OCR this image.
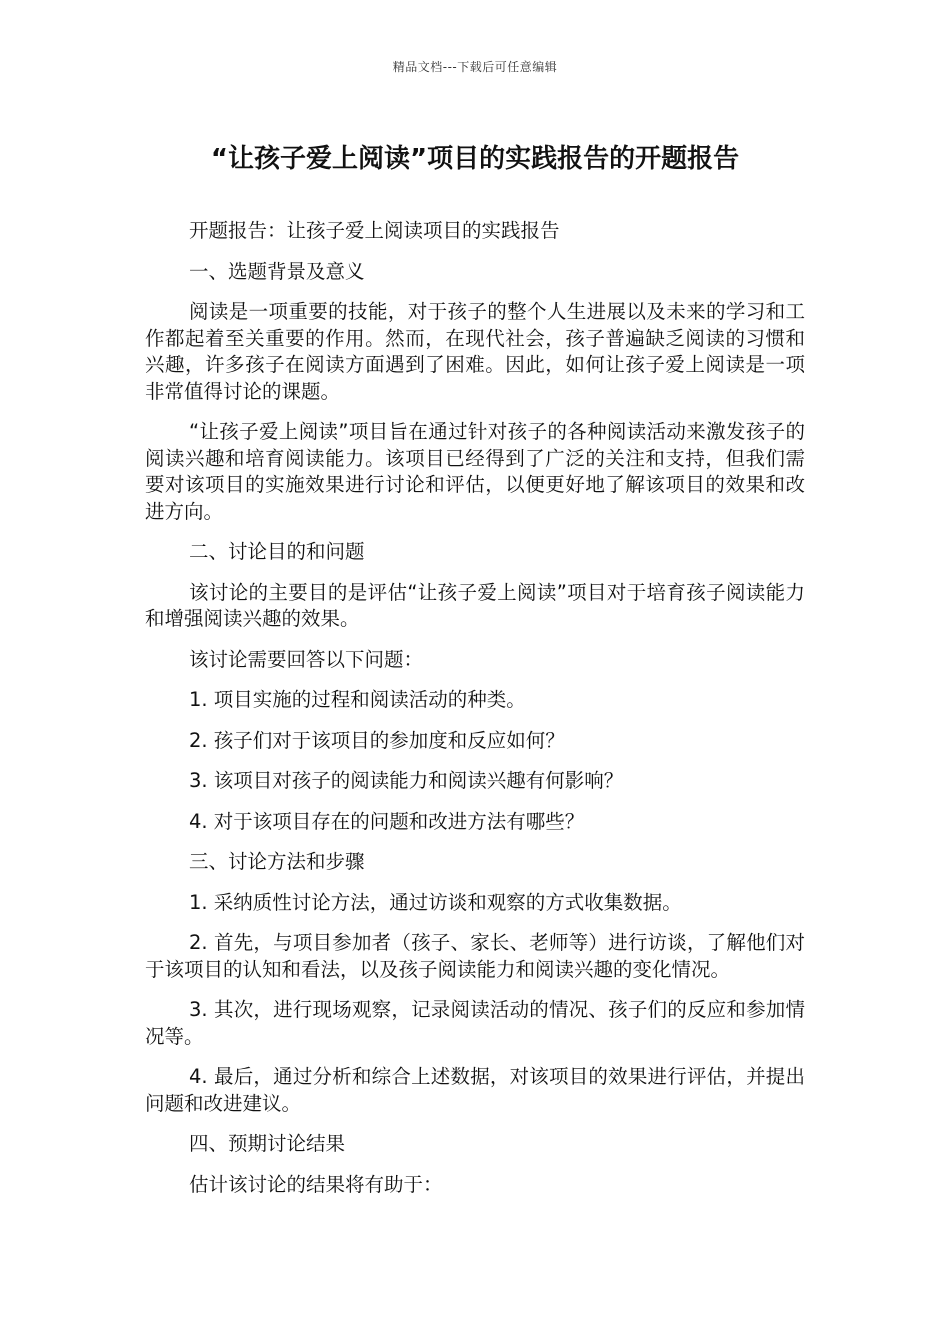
精品文档---下载后可任意编辑
“让孩子爱上阅读”项目的实践报告的开题报告

开题报告：让孩子爱上阅读项目的实践报告

一、选题背景及意义

阅读是一项重要的技能，对于孩子的整个人生进展以及未来的学习和工作都起着至关重要的作用。然而，在现代社会，孩子普遍缺乏阅读的习惯和兴趣，许多孩子在阅读方面遇到了困难。因此，如何让孩子爱上阅读是一项非常值得讨论的课题。

“让孩子爱上阅读”项目旨在通过针对孩子的各种阅读活动来激发孩子的阅读兴趣和培育阅读能力。该项目已经得到了广泛的关注和支持，但我们需要对该项目的实施效果进行讨论和评估，以便更好地了解该项目的效果和改进方向。

二、讨论目的和问题

该讨论的主要目的是评估“让孩子爱上阅读”项目对于培育孩子阅读能力和增强阅读兴趣的效果。

该讨论需要回答以下问题：

1. 项目实施的过程和阅读活动的种类。

2. 孩子们对于该项目的参加度和反应如何？

3. 该项目对孩子的阅读能力和阅读兴趣有何影响？

4. 对于该项目存在的问题和改进方法有哪些？

三、讨论方法和步骤

1. 采纳质性讨论方法，通过访谈和观察的方式收集数据。

2. 首先，与项目参加者（孩子、家长、老师等）进行访谈，了解他们对于该项目的认知和看法，以及孩子阅读能力和阅读兴趣的变化情况。

3. 其次，进行现场观察，记录阅读活动的情况、孩子们的反应和参加情况等。

4. 最后，通过分析和综合上述数据，对该项目的效果进行评估，并提出问题和改进建议。

四、预期讨论结果

估计该讨论的结果将有助于：
